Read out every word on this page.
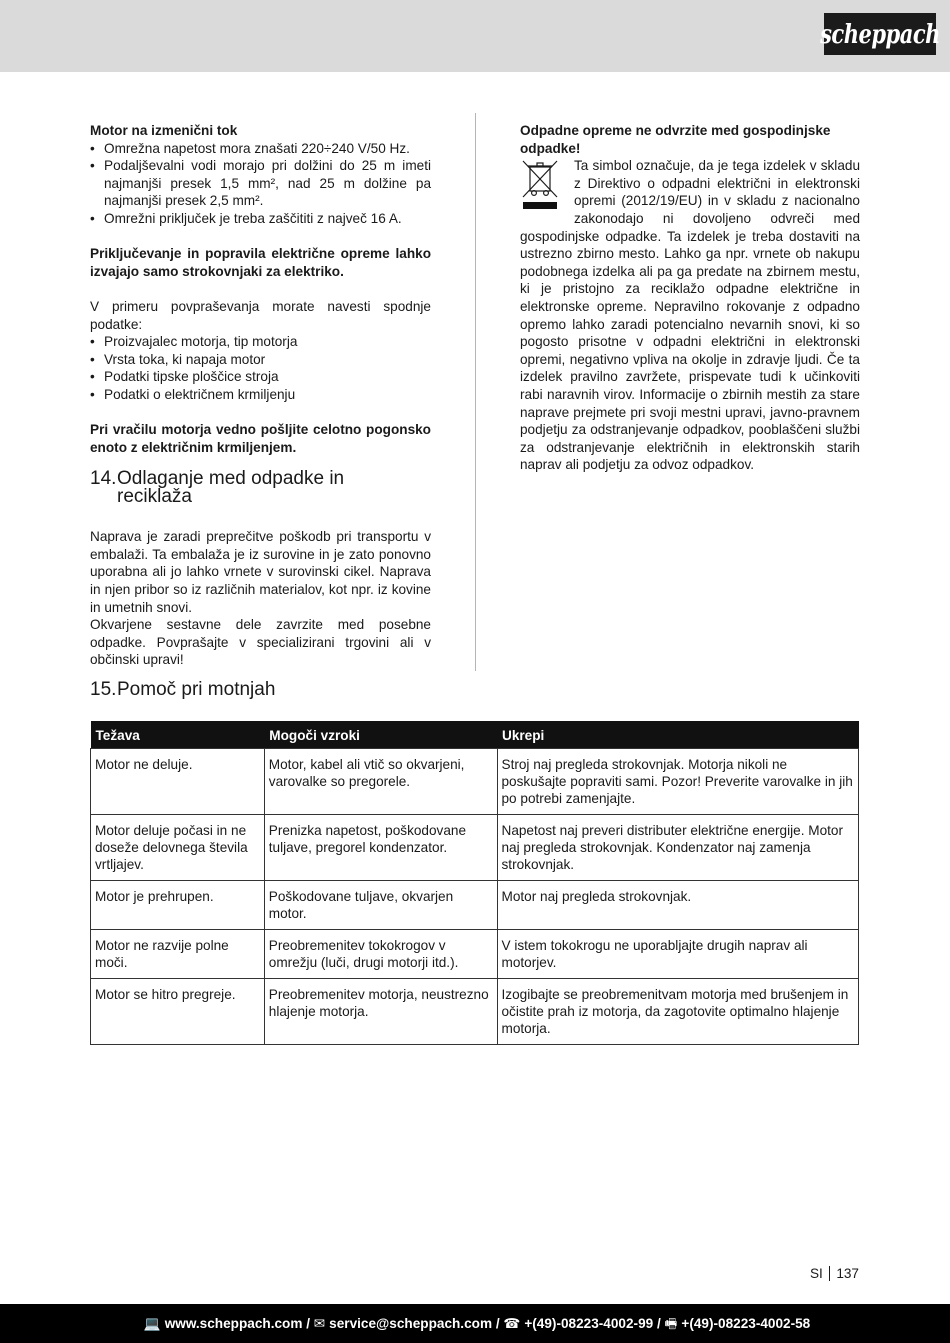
scheppach
Motor na izmenični tok
• Omrežna napetost mora znašati 220÷240 V/50 Hz.
• Podaljševalni vodi morajo pri dolžini do 25 m imeti najmanjši presek 1,5 mm², nad 25 m dolžine pa najmanjši presek 2,5 mm².
• Omrežni priključek je treba zaščititi z največ 16 A.
Priključevanje in popravila električne opreme lahko izvajajo samo strokovnjaki za elektriko.
V primeru povpraševanja morate navesti spodnje podatke:
• Proizvajalec motorja, tip motorja
• Vrsta toka, ki napaja motor
• Podatki tipske ploščice stroja
• Podatki o električnem krmiljenju
Pri vračilu motorja vedno pošljite celotno pogonsko enoto z električnim krmiljenjem.
14. Odlaganje med odpadke in reciklaža
Naprava je zaradi preprečitve poškodb pri transportu v embalaži. Ta embalaža je iz surovine in je zato ponovno uporabna ali jo lahko vrnete v surovinski cikel. Naprava in njen pribor so iz različnih materialov, kot npr. iz kovine in umetnih snovi.
Okvarjene sestavne dele zavrzite med posebne odpadke. Povprašajte v specializirani trgovini ali v občinski upravi!
Odpadne opreme ne odvrzite med gospodinjske odpadke!
Ta simbol označuje, da je tega izdelek v skladu z Direktivo o odpadni električni in elektronski opremi (2012/19/EU) in v skladu z nacionalno zakonodajo ni dovoljeno odvreči med gospodinjske odpadke. Ta izdelek je treba dostaviti na ustrezno zbirno mesto. Lahko ga npr. vrnete ob nakupu podobnega izdelka ali pa ga predate na zbirnem mestu, ki je pristojno za reciklažo odpadne električne in elektronske opreme. Nepravilno rokovanje z odpadno opremo lahko zaradi potencialno nevarnih snovi, ki so pogosto prisotne v odpadni električni in elektronski opremi, negativno vpliva na okolje in zdravje ljudi. Če ta izdelek pravilno zavržete, prispevate tudi k učinkoviti rabi naravnih virov. Informacije o zbirnih mestih za stare naprave prejmete pri svoji mestni upravi, javno-pravnem podjetju za odstranjevanje odpadkov, pooblaščeni službi za odstranjevanje električnih in elektronskih starih naprav ali podjetju za odvoz odpadkov.
15. Pomoč pri motnjah
Težava	Mogoči vzroki	Ukrepi
Motor ne deluje.	Motor, kabel ali vtič so okvarjeni, varovalke so pregorele.	Stroj naj pregleda strokovnjak. Motorja nikoli ne poskušajte popraviti sami. Pozor! Preverite varovalke in jih po potrebi zamenjajte.
Motor deluje počasi in ne doseže delovnega števila vrtljajev.	Prenizka napetost, poškodovane tuljave, pregorel kondenzator.	Napetost naj preveri distributer električne energije. Motor naj pregleda strokovnjak. Kondenzator naj zamenja strokovnjak.
Motor je prehrupen.	Poškodovane tuljave, okvarjen motor.	Motor naj pregleda strokovnjak.
Motor ne razvije polne moči.	Preobremenitev tokokrogov v omrežju (luči, drugi motorji itd.).	V istem tokokrogu ne uporabljajte drugih naprav ali motorjev.
Motor se hitro pregreje.	Preobremenitev motorja, neustrezno hlajenje motorja.	Izogibajte se preobremenitvam motorja med brušenjem in očistite prah iz motorja, da zagotovite optimalno hlajenje motorja.
SI 137
💻 www.scheppach.com / ✉ service@scheppach.com / ☎ +(49)-08223-4002-99 / 🖷 +(49)-08223-4002-58
